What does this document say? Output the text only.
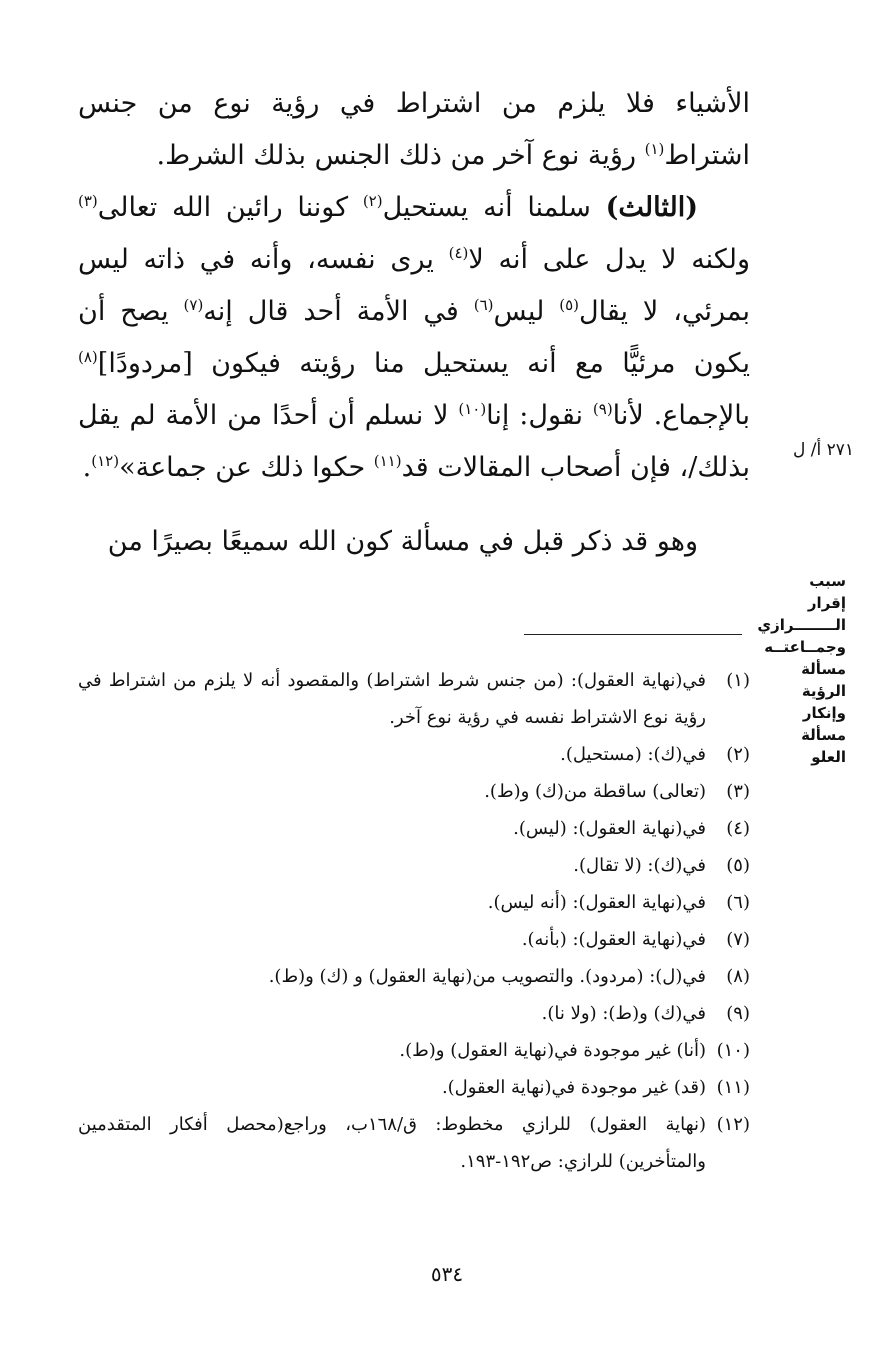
الأشياء فلا يلزم من اشتراط في رؤية نوع من جنس اشتراط$^{(١)}$ رؤية نوع آخر من ذلك الجنس بذلك الشرط.

(الثالث) سلمنا أنه يستحيل$^{(٢)}$ كوننا رائين الله تعالى$^{(٣)}$ ولكنه لا يدل على أنه لا$^{(٤)}$ يرى نفسه، وأنه في ذاته ليس بمرئي، لا يقال$^{(٥)}$ ليس$^{(٦)}$ في الأمة أحد قال إنه$^{(٧)}$ يصح أن يكون مرئيًّا مع أنه يستحيل منا رؤيته فيكون [مردودًا]$^{(٨)}$ بالإجماع. لأنا$^{(٩)}$ نقول: إنا$^{(١٠)}$ لا نسلم أن أحدًا من الأمة لم يقل بذلك/، فإن أصحاب المقالات قد$^{(١١)}$ حكوا ذلك عن جماعة»$^{(١٢)}$.

وهو قد ذكر قبل في مسألة كون الله سميعًا بصيرًا من

٢٧١ أ/ ل
سبب إقرار
الــــــــرازي
وجمــاعتــه
مسألة الرؤية
وإنكار مسألة
العلو
(١)
في(نهاية العقول): (من جنس شرط اشتراط) والمقصود أنه لا يلزم من اشتراط في رؤية نوع الاشتراط نفسه في رؤية نوع آخر.
(٢)
في(ك): (مستحيل).
(٣)
(تعالى) ساقطة من(ك) و(ط).
(٤)
في(نهاية العقول): (ليس).
(٥)
في(ك): (لا تقال).
(٦)
في(نهاية العقول): (أنه ليس).
(٧)
في(نهاية العقول): (بأنه).
(٨)
في(ل): (مردود). والتصويب من(نهاية العقول) و (ك) و(ط).
(٩)
في(ك) و(ط): (ولا نا).
(١٠)
(أنا) غير موجودة في(نهاية العقول) و(ط).
(١١)
(قد) غير موجودة في(نهاية العقول).
(١٢)
(نهاية العقول) للرازي مخطوط: ق/١٦٨ب، وراجع(محصل أفكار المتقدمين والمتأخرين) للرازي: ص١٩٢-١٩٣.
٥٣٤
